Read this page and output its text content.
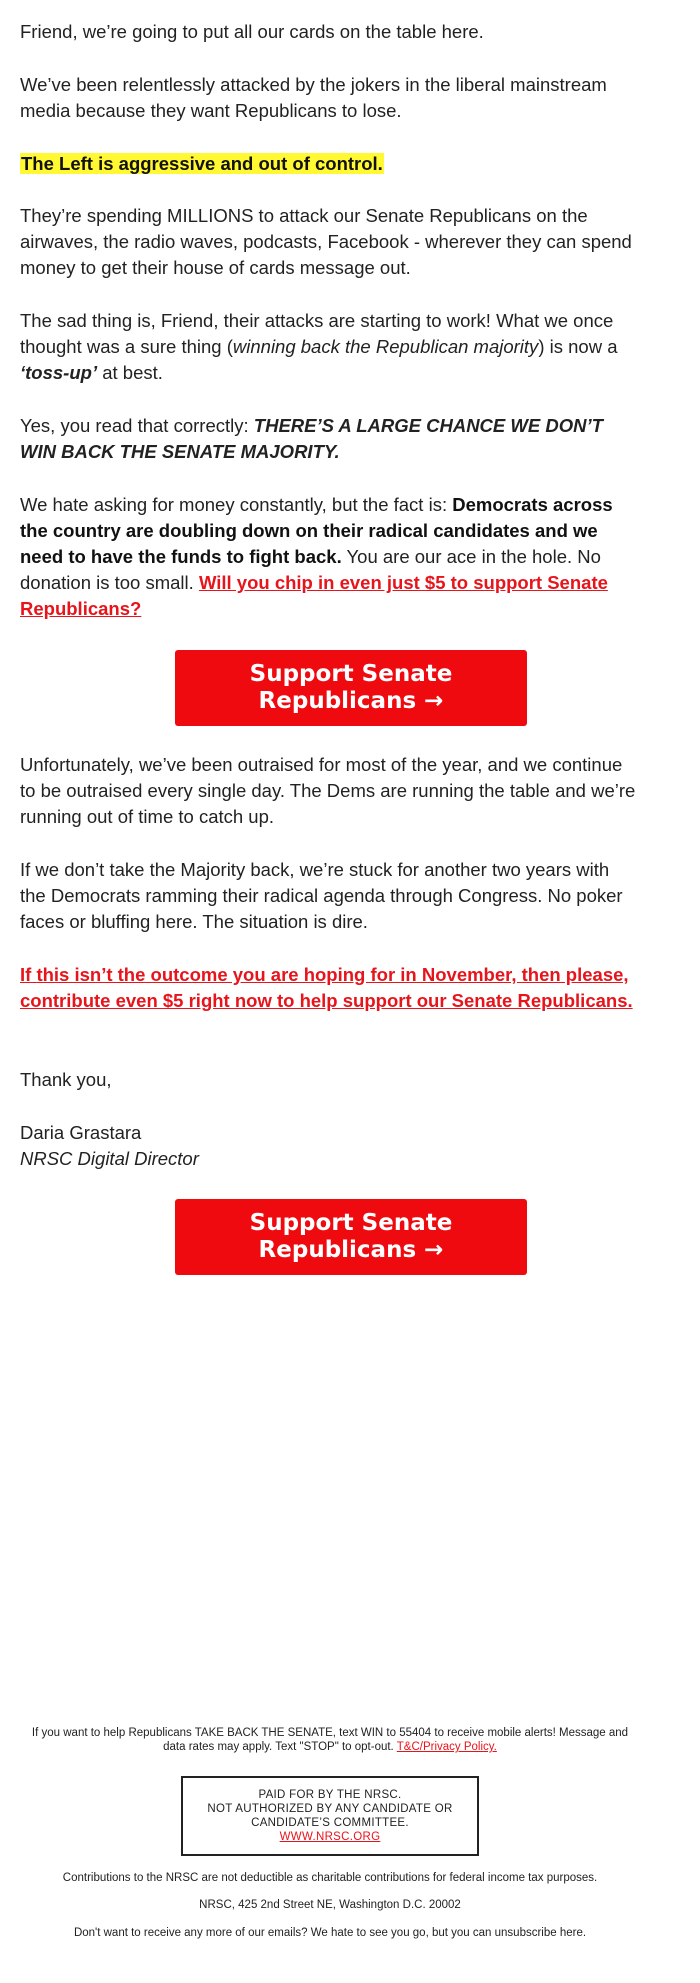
Friend, we’re going to put all our cards on the table here.

We’ve been relentlessly attacked by the jokers in the liberal mainstream media because they want Republicans to lose.

The Left is aggressive and out of control.

They’re spending MILLIONS to attack our Senate Republicans on the airwaves, the radio waves, podcasts, Facebook - wherever they can spend money to get their house of cards message out.

The sad thing is, Friend, their attacks are starting to work! What we once thought was a sure thing (winning back the Republican majority) is now a ‘toss-up’ at best.

Yes, you read that correctly: THERE’S A LARGE CHANCE WE DON’T WIN BACK THE SENATE MAJORITY.

We hate asking for money constantly, but the fact is: Democrats across the country are doubling down on their radical candidates and we need to have the funds to fight back. You are our ace in the hole. No donation is too small. Will you chip in even just $5 to support Senate Republicans?

Support Senate Republicans →

Unfortunately, we’ve been outraised for most of the year, and we continue to be outraised every single day. The Dems are running the table and we’re running out of time to catch up.

If we don’t take the Majority back, we’re stuck for another two years with the Democrats ramming their radical agenda through Congress. No poker faces or bluffing here. The situation is dire.

If this isn’t the outcome you are hoping for in November, then please, contribute even $5 right now to help support our Senate Republicans.

Thank you,

Daria Grastara

NRSC Digital Director

Support Senate Republicans →
If you want to help Republicans TAKE BACK THE SENATE, text WIN to 55404 to receive mobile alerts! Message and data rates may apply. Text "STOP" to opt-out. T&C/Privacy Policy.
PAID FOR BY THE NRSC.
NOT AUTHORIZED BY ANY CANDIDATE OR CANDIDATE’S COMMITTEE.
WWW.NRSC.ORG
Contributions to the NRSC are not deductible as charitable contributions for federal income tax purposes.
NRSC, 425 2nd Street NE, Washington D.C. 20002
Don't want to receive any more of our emails? We hate to see you go, but you can unsubscribe here.
